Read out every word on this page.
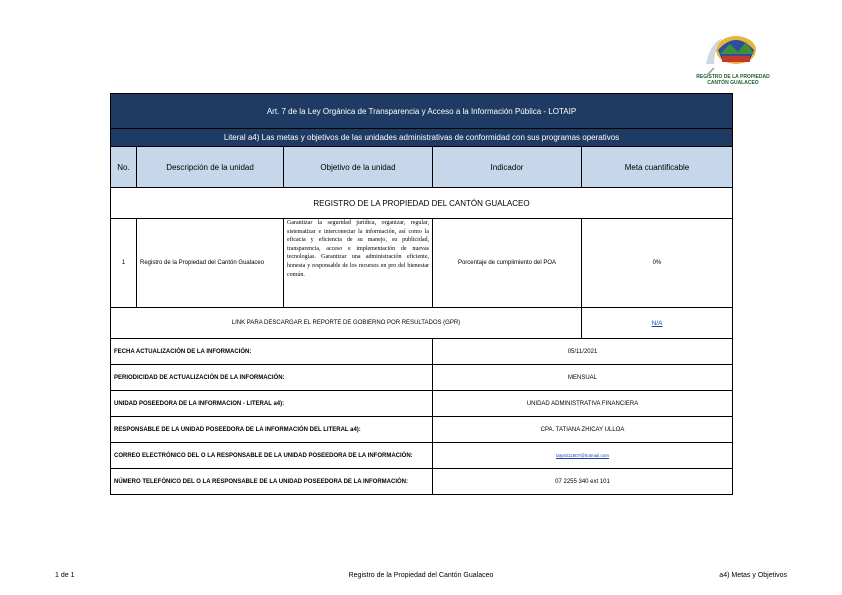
REGISTRO DE LA PROPIEDAD
CANTÓN GUALACEO
Art. 7 de la Ley Orgánica de Transparencia y Acceso a la Información Pública - LOTAIP				
Literal a4) Las metas y objetivos de las unidades administrativas de conformidad con sus programas operativos				
No.	Descripción de la unidad	Objetivo de la unidad	Indicador	Meta cuantificable
REGISTRO DE LA PROPIEDAD DEL CANTÓN GUALACEO				
1	Registro de la Propiedad del Cantón Gualaceo	Garantizar la seguridad jurídica, organizar, regular, sistematizar e interconectar la información, así como la eficacia y eficiencia de su manejo, su publicidad, transparencia, acceso e implementación de nuevas tecnologías. Garantizar una administración eficiente, honesta y responsable de los recursos en pro del bienestar común.	Porcentaje de cumplimiento del POA	0%
LINK PARA DESCARGAR EL REPORTE DE GOBIERNO POR RESULTADOS (GPR)				N/A
FECHA ACTUALIZACIÓN DE LA INFORMACIÓN:			05/11/2021	
PERIODICIDAD DE ACTUALIZACIÓN DE LA INFORMACIÓN:			MENSUAL	
UNIDAD POSEEDORA DE LA INFORMACION - LITERAL a4):			UNIDAD ADMINISTRATIVA FINANCIERA	
RESPONSABLE DE LA UNIDAD POSEEDORA DE LA INFORMACIÓN DEL LITERAL a4):			CPA. TATIANA ZHICAY ULLOA	
CORREO ELECTRÓNICO DEL O LA RESPONSABLE DE LA UNIDAD POSEEDORA DE LA INFORMACIÓN:			tatys011807@hotmail.com	
NÚMERO TELEFÓNICO DEL O LA RESPONSABLE DE LA UNIDAD POSEEDORA DE LA INFORMACIÓN:			07 2255 340 ext 101	
1 de 1	Registro de la Propiedad del Cantón Gualaceo	a4) Metas y Objetivos
